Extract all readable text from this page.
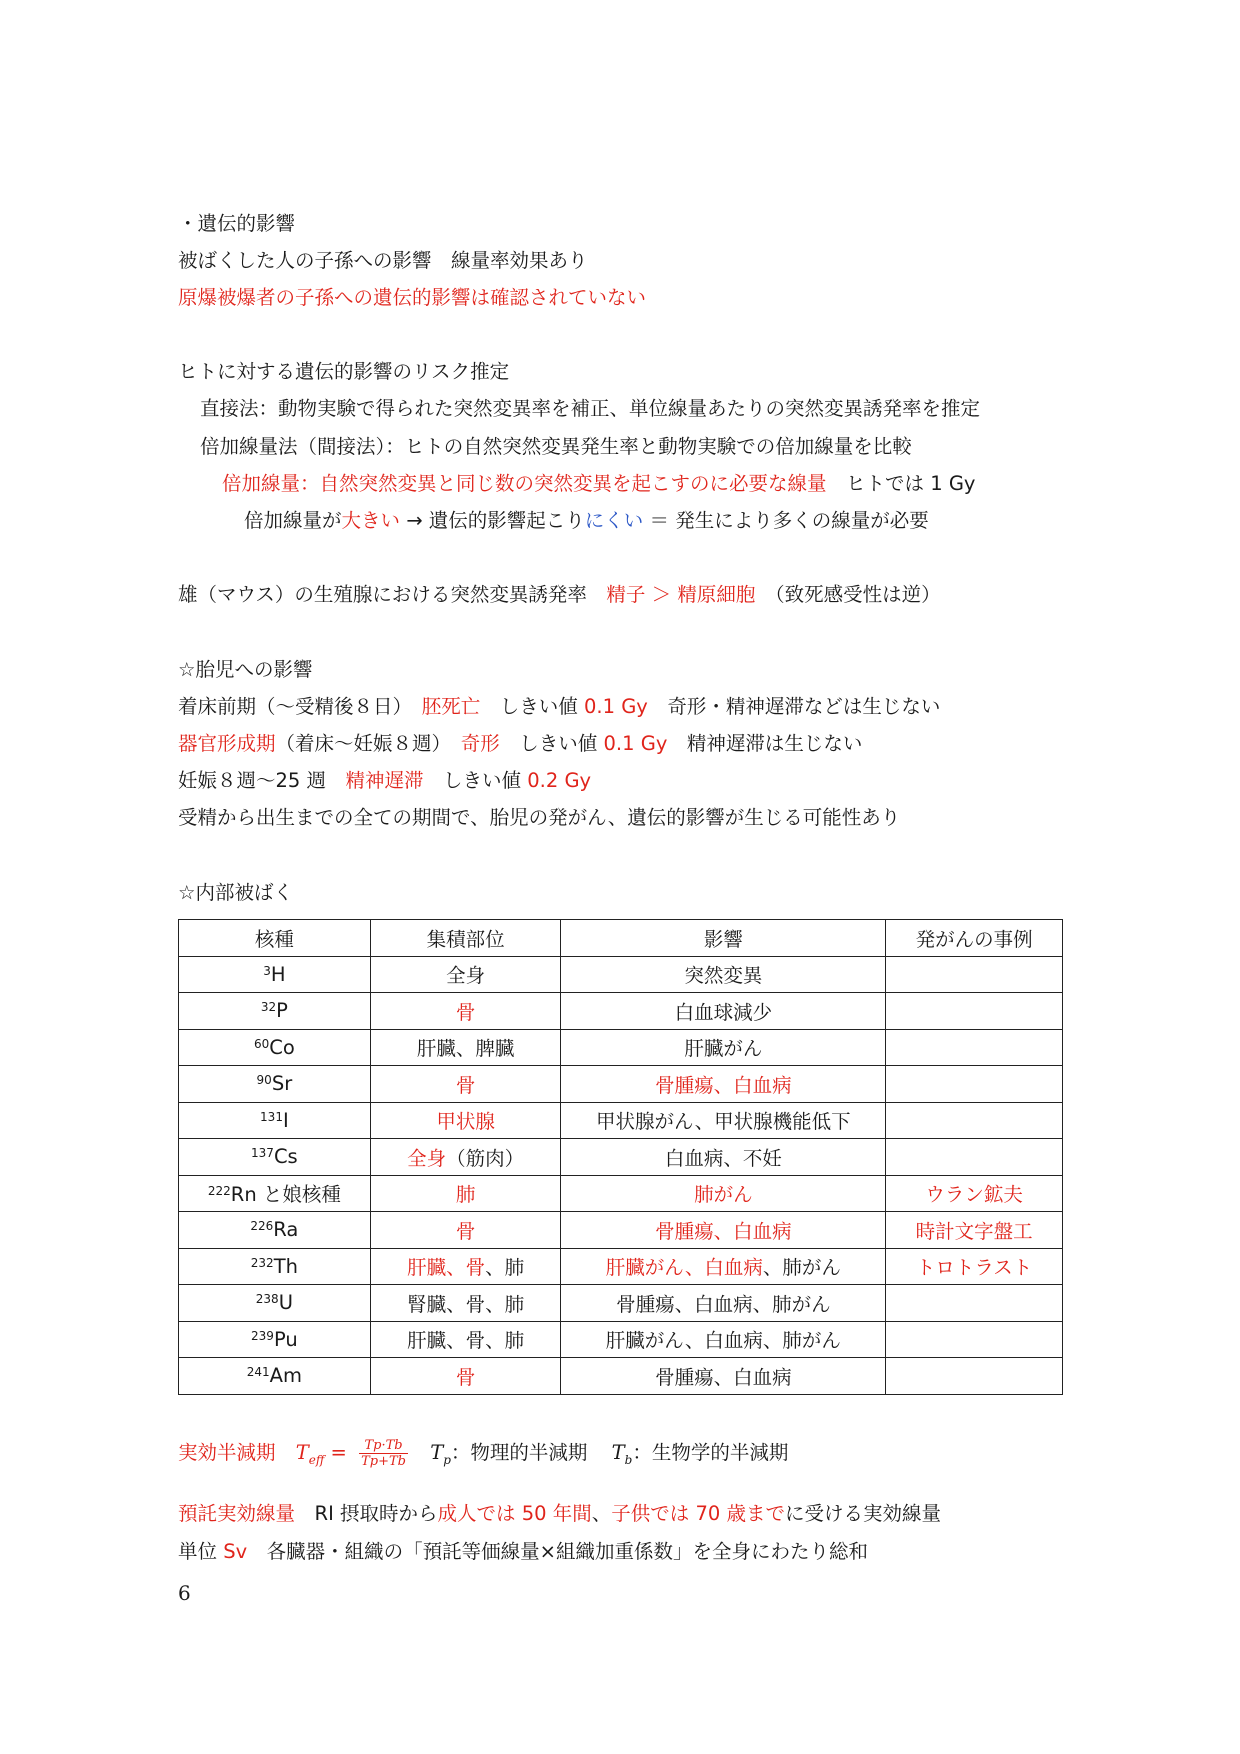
・遺伝的影響
被ばくした人の子孫への影響　線量率効果あり
原爆被爆者の子孫への遺伝的影響は確認されていない
ヒトに対する遺伝的影響のリスク推定
直接法：動物実験で得られた突然変異率を補正、単位線量あたりの突然変異誘発率を推定
倍加線量法（間接法）：ヒトの自然突然変異発生率と動物実験での倍加線量を比較
倍加線量：自然突然変異と同じ数の突然変異を起こすのに必要な線量　ヒトでは 1 Gy
倍加線量が大きい → 遺伝的影響起こりにくい ＝ 発生により多くの線量が必要
雄（マウス）の生殖腺における突然変異誘発率　精子 ＞ 精原細胞　（致死感受性は逆）
☆胎児への影響
着床前期（～受精後８日）　胚死亡　しきい値 0.1 Gy　奇形・精神遅滞などは生じない
器官形成期（着床～妊娠８週）　奇形　しきい値 0.1 Gy　精神遅滞は生じない
妊娠８週～25 週　精神遅滞　しきい値 0.2 Gy
受精から出生までの全ての期間で、胎児の発がん、遺伝的影響が生じる可能性あり
☆内部被ばく
核種	集積部位	影響	発がんの事例
$^3$H	全身	突然変異	
$^{32}$P	骨	白血球減少	
$^{60}$Co	肝臓、脾臓	肝臓がん	
$^{90}$Sr	骨	骨腫瘍、白血病	
$^{131}$I	甲状腺	甲状腺がん、甲状腺機能低下	
$^{137}$Cs	全身（筋肉）	白血病、不妊	
$^{222}$Rn と娘核種	肺	肺がん	ウラン鉱夫
$^{226}$Ra	骨	骨腫瘍、白血病	時計文字盤工
$^{232}$Th	肝臓、骨、肺	肝臓がん、白血病、肺がん	トロトラスト
$^{238}$U	腎臓、骨、肺	骨腫瘍、白血病、肺がん	
$^{239}$Pu	肝臓、骨、肺	肝臓がん、白血病、肺がん	
$^{241}$Am	骨	骨腫瘍、白血病	
実効半減期 $T_{eff} = \frac{Tp\cdot Tb}{Tp+Tb} T_p$：物理的半減期 $T_b$：生物学的半減期
預託実効線量　RI 摂取時から成人では 50 年間、子供では 70 歳までに受ける実効線量
単位 Sv　各臓器・組織の「預託等価線量×組織加重係数」を全身にわたり総和
6
